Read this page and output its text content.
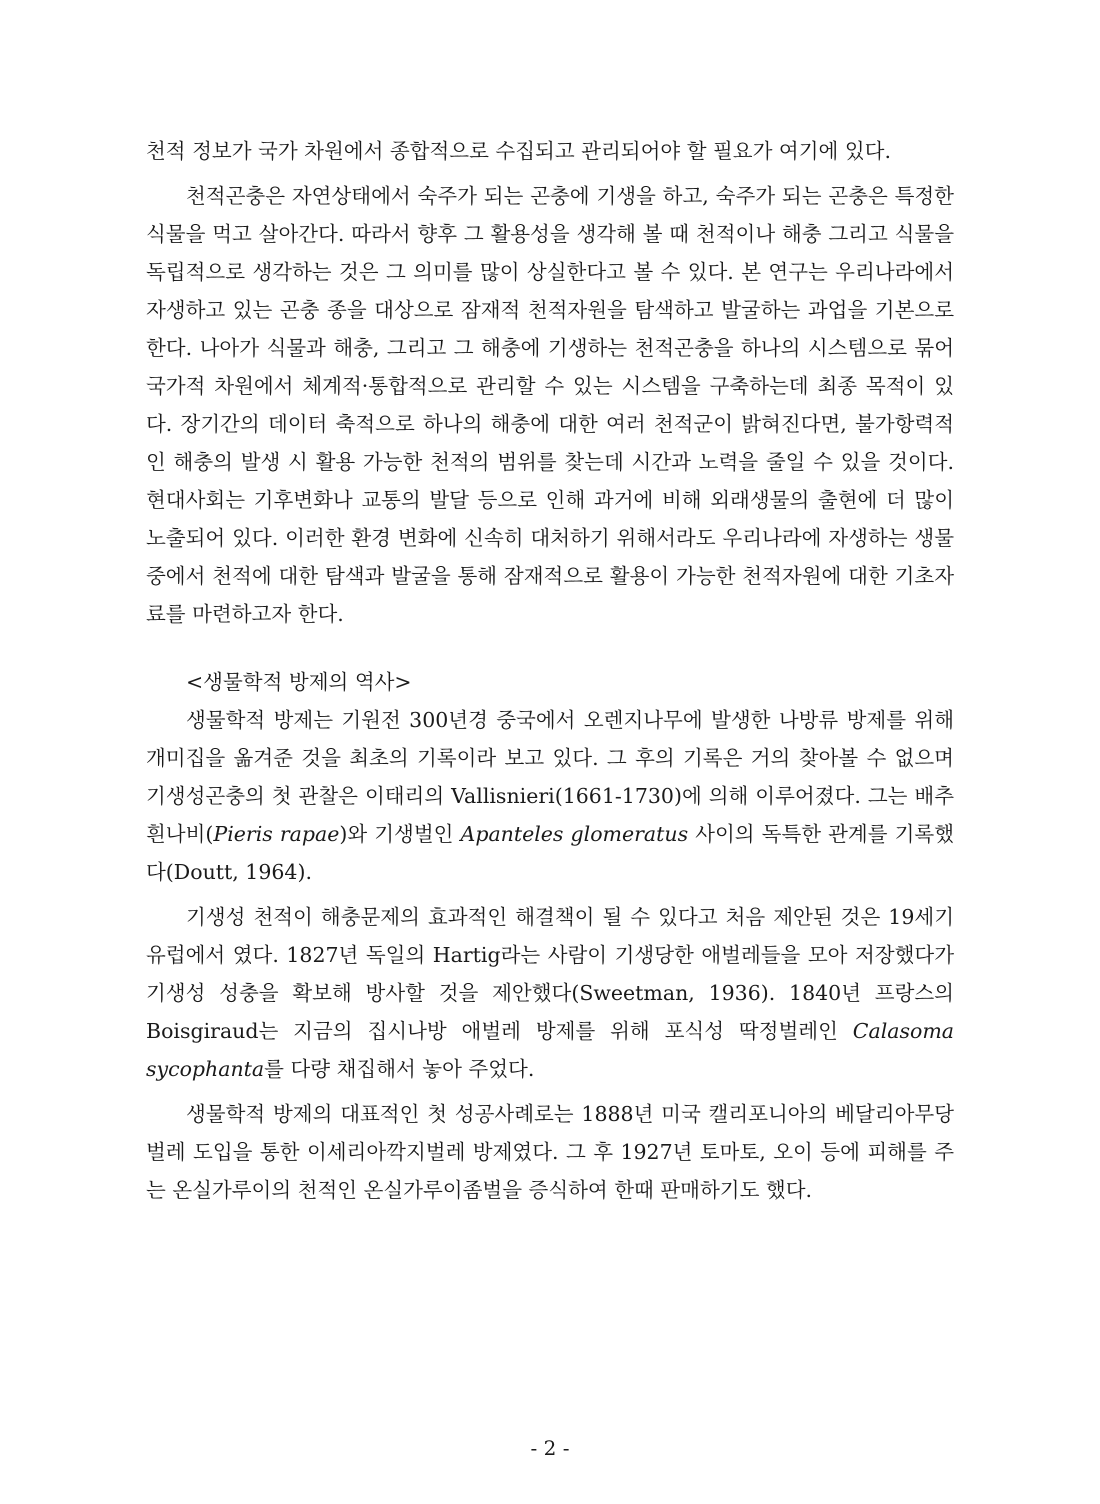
천적 정보가 국가 차원에서 종합적으로 수집되고 관리되어야 할 필요가 여기에 있다.

천적곤충은 자연상태에서 숙주가 되는 곤충에 기생을 하고, 숙주가 되는 곤충은 특정한 식물을 먹고 살아간다. 따라서 향후 그 활용성을 생각해 볼 때 천적이나 해충 그리고 식물을 독립적으로 생각하는 것은 그 의미를 많이 상실한다고 볼 수 있다. 본 연구는 우리나라에서 자생하고 있는 곤충 종을 대상으로 잠재적 천적자원을 탐색하고 발굴하는 과업을 기본으로 한다. 나아가 식물과 해충, 그리고 그 해충에 기생하는 천적곤충을 하나의 시스템으로 묶어 국가적 차원에서 체계적·통합적으로 관리할 수 있는 시스템을 구축하는데 최종 목적이 있다. 장기간의 데이터 축적으로 하나의 해충에 대한 여러 천적군이 밝혀진다면, 불가항력적인 해충의 발생 시 활용 가능한 천적의 범위를 찾는데 시간과 노력을 줄일 수 있을 것이다. 현대사회는 기후변화나 교통의 발달 등으로 인해 과거에 비해 외래생물의 출현에 더 많이 노출되어 있다. 이러한 환경 변화에 신속히 대처하기 위해서라도 우리나라에 자생하는 생물 중에서 천적에 대한 탐색과 발굴을 통해 잠재적으로 활용이 가능한 천적자원에 대한 기초자료를 마련하고자 한다.

<생물학적 방제의 역사>

생물학적 방제는 기원전 300년경 중국에서 오렌지나무에 발생한 나방류 방제를 위해 개미집을 옮겨준 것을 최초의 기록이라 보고 있다. 그 후의 기록은 거의 찾아볼 수 없으며 기생성곤충의 첫 관찰은 이태리의 Vallisnieri(1661-1730)에 의해 이루어졌다. 그는 배추흰나비(Pieris rapae)와 기생벌인 Apanteles glomeratus 사이의 독특한 관계를 기록했다(Doutt, 1964).

기생성 천적이 해충문제의 효과적인 해결책이 될 수 있다고 처음 제안된 것은 19세기 유럽에서 였다. 1827년 독일의 Hartig라는 사람이 기생당한 애벌레들을 모아 저장했다가 기생성 성충을 확보해 방사할 것을 제안했다(Sweetman, 1936). 1840년 프랑스의 Boisgiraud는 지금의 집시나방 애벌레 방제를 위해 포식성 딱정벌레인 Calasoma sycophanta를 다량 채집해서 놓아 주었다.

생물학적 방제의 대표적인 첫 성공사례로는 1888년 미국 캘리포니아의 베달리아무당벌레 도입을 통한 이세리아깍지벌레 방제였다. 그 후 1927년 토마토, 오이 등에 피해를 주는 온실가루이의 천적인 온실가루이좀벌을 증식하여 한때 판매하기도 했다.

- 2 -
